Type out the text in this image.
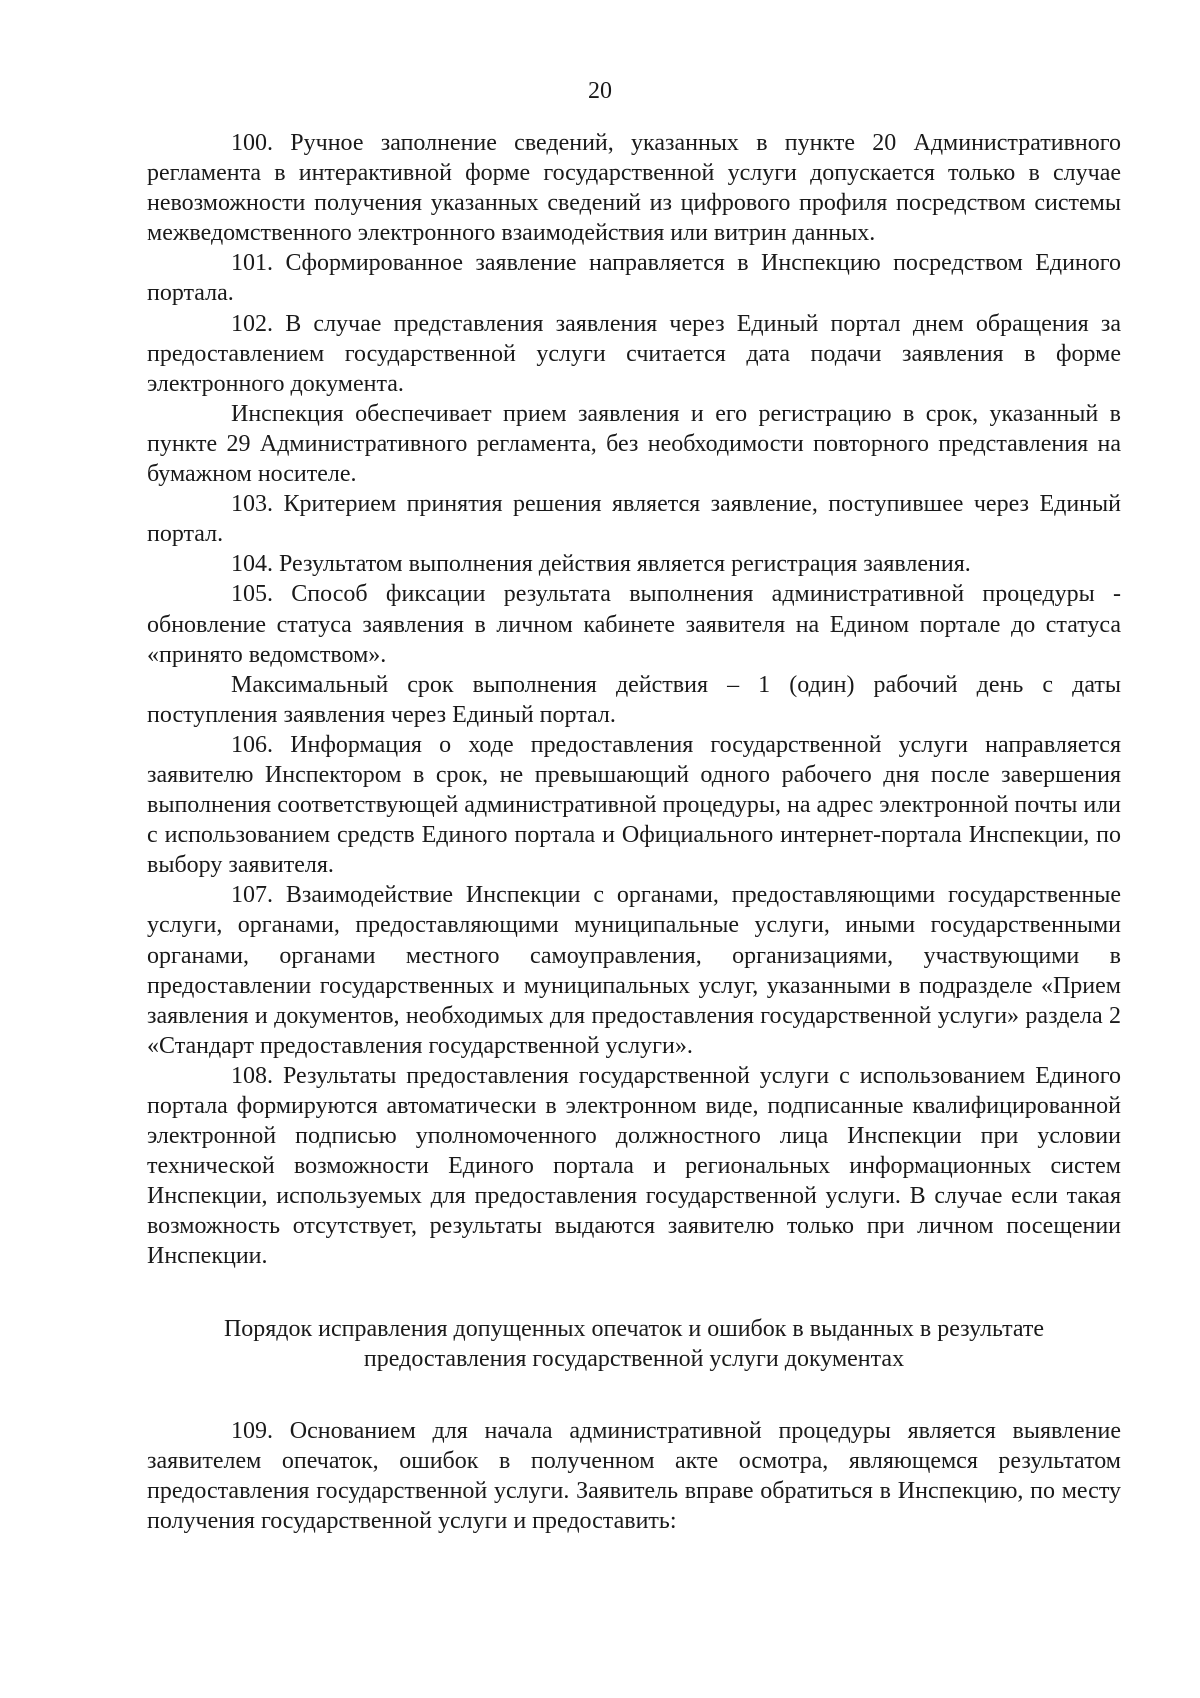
20

100. Ручное заполнение сведений, указанных в пункте 20 Административного регламента в интерактивной форме государственной услуги допускается только в случае невозможности получения указанных сведений из цифрового профиля посредством системы межведомственного электронного взаимодействия или витрин данных.

101. Сформированное заявление направляется в Инспекцию посредством Единого портала.

102. В случае представления заявления через Единый портал днем обращения за предоставлением государственной услуги считается дата подачи заявления в форме электронного документа.

Инспекция обеспечивает прием заявления и его регистрацию в срок, указанный в пункте 29 Административного регламента, без необходимости повторного представления на бумажном носителе.

103. Критерием принятия решения является заявление, поступившее через Единый портал.

104. Результатом выполнения действия является регистрация заявления.

105. Способ фиксации результата выполнения административной процедуры - обновление статуса заявления в личном кабинете заявителя на Едином портале до статуса «принято ведомством».

Максимальный срок выполнения действия – 1 (один) рабочий день с даты поступления заявления через Единый портал.

106. Информация о ходе предоставления государственной услуги направляется заявителю Инспектором в срок, не превышающий одного рабочего дня после завершения выполнения соответствующей административной процедуры, на адрес электронной почты или с использованием средств Единого портала и Официального интернет-портала Инспекции, по выбору заявителя.

107. Взаимодействие Инспекции с органами, предоставляющими государственные услуги, органами, предоставляющими муниципальные услуги, иными государственными органами, органами местного самоуправления, организациями, участвующими в предоставлении государственных и муниципальных услуг, указанными в подразделе «Прием заявления и документов, необходимых для предоставления государственной услуги» раздела 2 «Стандарт предоставления государственной услуги».

108. Результаты предоставления государственной услуги с использованием Единого портала формируются автоматически в электронном виде, подписанные квалифицированной электронной подписью уполномоченного должностного лица Инспекции при условии технической возможности Единого портала и региональных информационных систем Инспекции, используемых для предоставления государственной услуги. В случае если такая возможность отсутствует, результаты выдаются заявителю только при личном посещении Инспекции.

Порядок исправления допущенных опечаток и ошибок в выданных в результате
предоставления государственной услуги документах

109. Основанием для начала административной процедуры является выявление заявителем опечаток, ошибок в полученном акте осмотра, являющемся результатом предоставления государственной услуги. Заявитель вправе обратиться в Инспекцию, по месту получения государственной услуги и предоставить:
